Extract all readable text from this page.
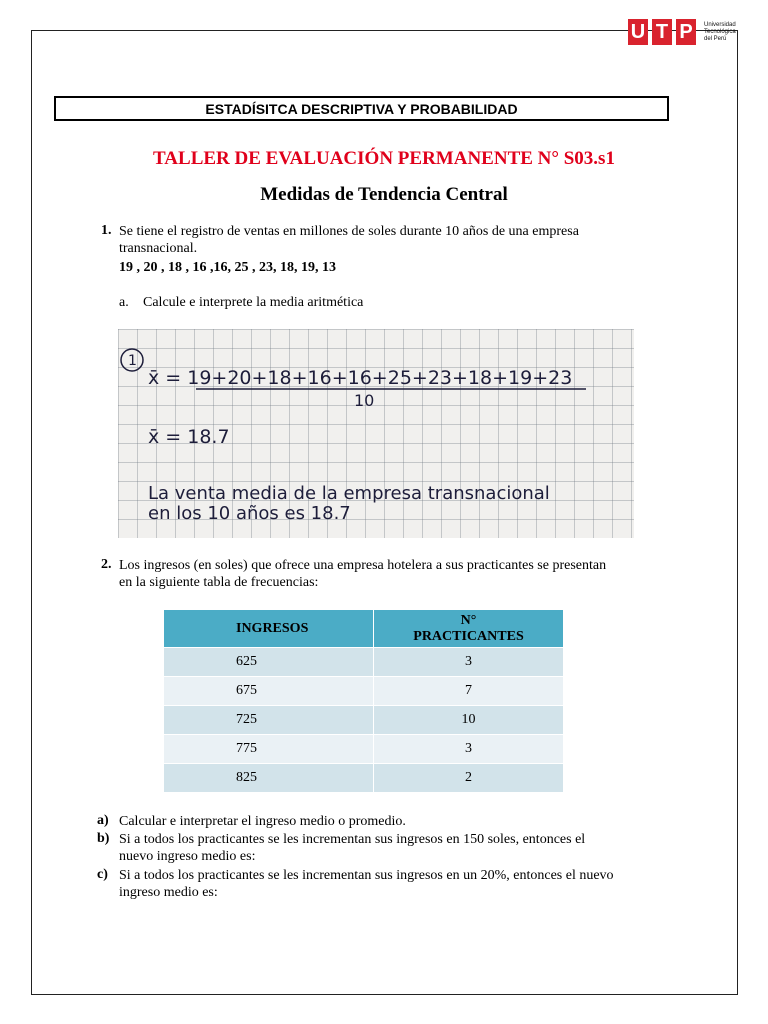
U T P	Universidad
Tecnológica
del Perú
ESTADÍSITCA DESCRIPTIVA Y PROBABILIDAD
TALLER DE EVALUACIÓN PERMANENTE N° S03.s1
Medidas de Tendencia Central
1. Se tiene el registro de ventas en millones de soles durante 10 años de una empresa
transnacional.
19 , 20 , 18 , 16 ,16, 25 , 23, 18, 19, 13
a. Calcule e interprete la media aritmética
1
x̄ = 19+20+18+16+16+25+23+18+19+23
10
x̄ = 18.7
La venta media de la empresa transnacional
en los 10 años es 18.7
2. Los ingresos (en soles) que ofrece una empresa hotelera a sus practicantes se presentan
en la siguiente tabla de frecuencias:
INGRESOS	N°
PRACTICANTES

625	3
675	7
725	10
775	3
825	2
a) Calcular e interpretar el ingreso medio o promedio.
b) Si a todos los practicantes se les incrementan sus ingresos en 150 soles, entonces el
nuevo ingreso medio es:
c) Si a todos los practicantes se les incrementan sus ingresos en un 20%, entonces el nuevo
ingreso medio es:
